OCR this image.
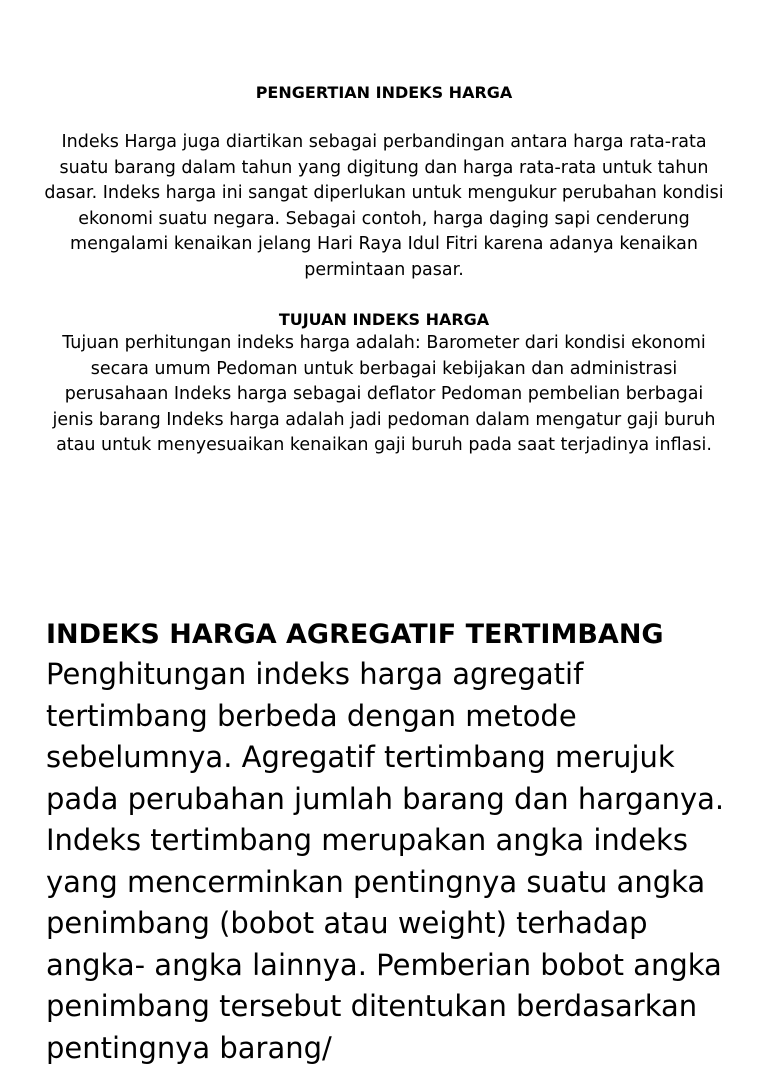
PENGERTIAN INDEKS HARGA

Indeks Harga juga diartikan sebagai perbandingan antara harga rata-rata suatu barang dalam tahun yang digitung dan harga rata-rata untuk tahun dasar. Indeks harga ini sangat diperlukan untuk mengukur perubahan kondisi ekonomi suatu negara. Sebagai contoh, harga daging sapi cenderung mengalami kenaikan jelang Hari Raya Idul Fitri karena adanya kenaikan permintaan pasar.

TUJUAN INDEKS HARGA

Tujuan perhitungan indeks harga adalah: Barometer dari kondisi ekonomi secara umum Pedoman untuk berbagai kebijakan dan administrasi perusahaan Indeks harga sebagai deflator Pedoman pembelian berbagai jenis barang Indeks harga adalah jadi pedoman dalam mengatur gaji buruh atau untuk menyesuaikan kenaikan gaji buruh pada saat terjadinya inflasi.

INDEKS HARGA AGREGATIF TERTIMBANG

Penghitungan indeks harga agregatif tertimbang berbeda dengan metode sebelumnya. Agregatif tertimbang merujuk pada perubahan jumlah barang dan harganya. Indeks tertimbang merupakan angka indeks yang mencerminkan pentingnya suatu angka penimbang (bobot atau weight) terhadap angka- angka lainnya. Pemberian bobot angka penimbang tersebut ditentukan berdasarkan pentingnya barang/
